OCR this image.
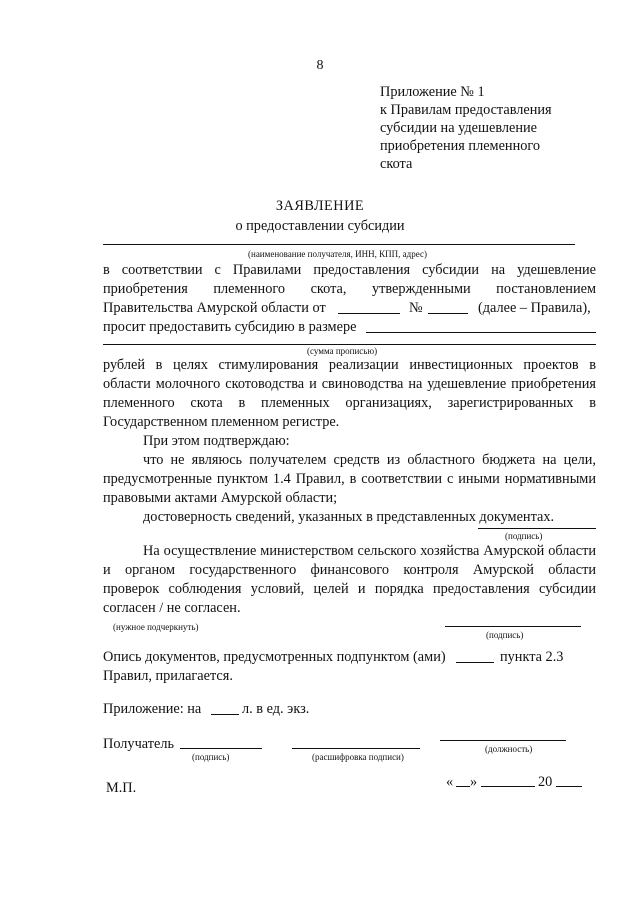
8
Приложение № 1
к Правилам предоставления
субсидии на удешевление
приобретения племенного
скота
ЗАЯВЛЕНИЕ
о предоставлении субсидии
(наименование получателя, ИНН, КПП, адрес)
в соответствии с Правилами предоставления субсидии на удешевление
приобретения племенного скота, утвержденными постановлением
Правительства Амурской области от	№	(далее – Правила),
просит предоставить субсидию в размере
(сумма прописью)
рублей в целях стимулирования реализации инвестиционных проектов в
области молочного скотоводства и свиноводства на удешевление приобретения
племенного скота в племенных организациях, зарегистрированных в
Государственном племенном регистре.
При этом подтверждаю:
что не являюсь получателем средств из областного бюджета на цели,
предусмотренные пунктом 1.4 Правил, в соответствии с иными нормативными
правовыми актами Амурской области;
достоверность сведений, указанных в представленных документах.
(подпись)
На осуществление министерством сельского хозяйства Амурской области
и органом государственного финансового контроля Амурской области
проверок соблюдения условий, целей и порядка предоставления субсидии
согласен / не согласен.
(нужное подчеркнуть)
(подпись)
Опись документов, предусмотренных подпунктом (ами)	пункта 2.3
Правил, прилагается.
Приложение: на	л. в ед. экз.
Получатель
(подпись)	(расшифровка подписи)
(должность)
М.П.	« »	20
